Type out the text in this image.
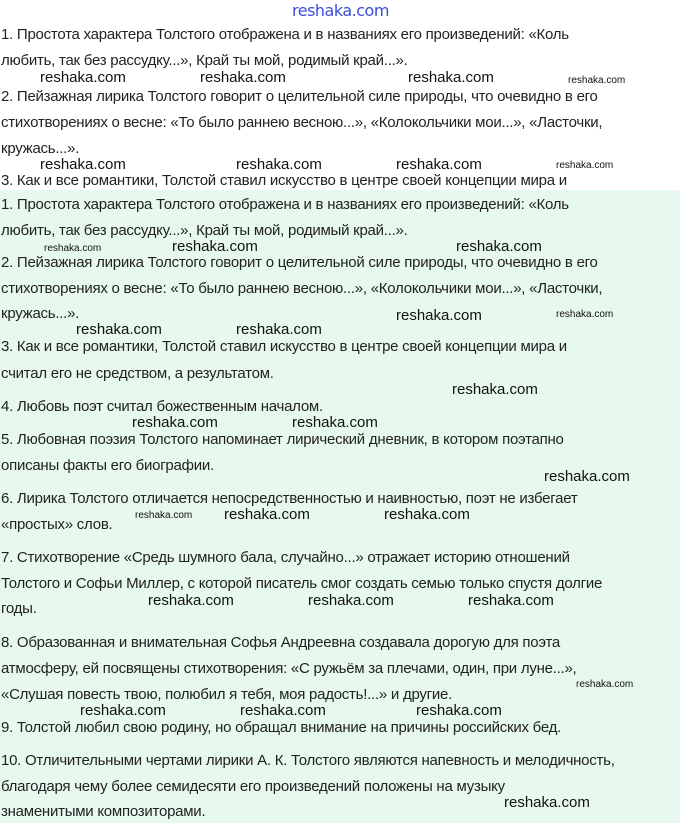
reshaka.com
1. Простота характера Толстого отображена и в названиях его произведений: «Коль
любить, так без рассудку...», Край ты мой, родимый край...».
2. Пейзажная лирика Толстого говорит о целительной силе природы, что очевидно в его
стихотворениях о весне: «То было раннею весною...», «Колокольчики мои...», «Ласточки,
кружась...».
3. Как и все романтики, Толстой ставил искусство в центре своей концепции мира и
1. Простота характера Толстого отображена и в названиях его произведений: «Коль
любить, так без рассудку...», Край ты мой, родимый край...».
2. Пейзажная лирика Толстого говорит о целительной силе природы, что очевидно в его
стихотворениях о весне: «То было раннею весною...», «Колокольчики мои...», «Ласточки,
кружась...».
3. Как и все романтики, Толстой ставил искусство в центре своей концепции мира и
считал его не средством, а результатом.
4. Любовь поэт считал божественным началом.
5. Любовная поэзия Толстого напоминает лирический дневник, в котором поэтапно
описаны факты его биографии.
6. Лирика Толстого отличается непосредственностью и наивностью, поэт не избегает
«простых» слов.
7. Стихотворение «Средь шумного бала, случайно...» отражает историю отношений
Толстого и Софьи Миллер, с которой писатель смог создать семью только спустя долгие
годы.
8. Образованная и внимательная Софья Андреевна создавала дорогую для поэта
атмосферу, ей посвящены стихотворения: «С ружьём за плечами, один, при луне...»,
«Слушая повесть твою, полюбил я тебя, моя радость!...» и другие.
9. Толстой любил свою родину, но обращал внимание на причины российских бед.
10. Отличительными чертами лирики А. К. Толстого являются напевность и мелодичность,
благодаря чему более семидесяти его произведений положены на музыку
знаменитыми композиторами.
reshaka.com	reshaka.com	reshaka.com	reshaka.com
reshaka.com	reshaka.com	reshaka.com	reshaka.com
reshaka.com
reshaka.com	reshaka.com
reshaka.com	reshaka.com
reshaka.com	reshaka.com
reshaka.com
reshaka.com	reshaka.com
reshaka.com
reshaka.com reshaka.com	reshaka.com
reshaka.com	reshaka.com	reshaka.com
reshaka.com
reshaka.com
reshaka.com	reshaka.com
reshaka.com
